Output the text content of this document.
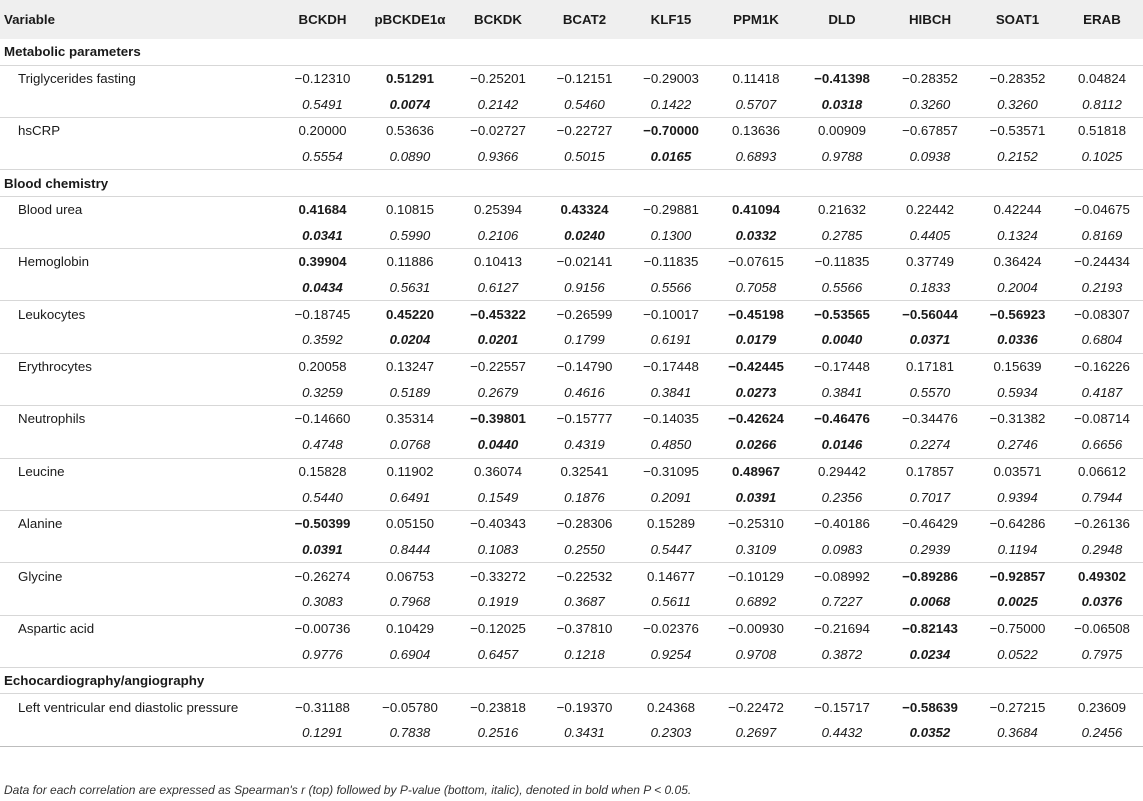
Variable	BCKDH	pBCKDE1α	BCKDK	BCAT2	KLF15	PPM1K	DLD	HIBCH	SOAT1	ERAB
Metabolic parameters										
Triglycerides fasting	−0.12310	0.51291	−0.25201	−0.12151	−0.29003	0.11418	−0.41398	−0.28352	−0.28352	0.04824
	0.5491	0.0074	0.2142	0.5460	0.1422	0.5707	0.0318	0.3260	0.3260	0.8112
hsCRP	0.20000	0.53636	−0.02727	−0.22727	−0.70000	0.13636	0.00909	−0.67857	−0.53571	0.51818
	0.5554	0.0890	0.9366	0.5015	0.0165	0.6893	0.9788	0.0938	0.2152	0.1025
Blood chemistry										
Blood urea	0.41684	0.10815	0.25394	0.43324	−0.29881	0.41094	0.21632	0.22442	0.42244	−0.04675
	0.0341	0.5990	0.2106	0.0240	0.1300	0.0332	0.2785	0.4405	0.1324	0.8169
Hemoglobin	0.39904	0.11886	0.10413	−0.02141	−0.11835	−0.07615	−0.11835	0.37749	0.36424	−0.24434
	0.0434	0.5631	0.6127	0.9156	0.5566	0.7058	0.5566	0.1833	0.2004	0.2193
Leukocytes	−0.18745	0.45220	−0.45322	−0.26599	−0.10017	−0.45198	−0.53565	−0.56044	−0.56923	−0.08307
	0.3592	0.0204	0.0201	0.1799	0.6191	0.0179	0.0040	0.0371	0.0336	0.6804
Erythrocytes	0.20058	0.13247	−0.22557	−0.14790	−0.17448	−0.42445	−0.17448	0.17181	0.15639	−0.16226
	0.3259	0.5189	0.2679	0.4616	0.3841	0.0273	0.3841	0.5570	0.5934	0.4187
Neutrophils	−0.14660	0.35314	−0.39801	−0.15777	−0.14035	−0.42624	−0.46476	−0.34476	−0.31382	−0.08714
	0.4748	0.0768	0.0440	0.4319	0.4850	0.0266	0.0146	0.2274	0.2746	0.6656
Leucine	0.15828	0.11902	0.36074	0.32541	−0.31095	0.48967	0.29442	0.17857	0.03571	0.06612
	0.5440	0.6491	0.1549	0.1876	0.2091	0.0391	0.2356	0.7017	0.9394	0.7944
Alanine	−0.50399	0.05150	−0.40343	−0.28306	0.15289	−0.25310	−0.40186	−0.46429	−0.64286	−0.26136
	0.0391	0.8444	0.1083	0.2550	0.5447	0.3109	0.0983	0.2939	0.1194	0.2948
Glycine	−0.26274	0.06753	−0.33272	−0.22532	0.14677	−0.10129	−0.08992	−0.89286	−0.92857	0.49302
	0.3083	0.7968	0.1919	0.3687	0.5611	0.6892	0.7227	0.0068	0.0025	0.0376
Aspartic acid	−0.00736	0.10429	−0.12025	−0.37810	−0.02376	−0.00930	−0.21694	−0.82143	−0.75000	−0.06508
	0.9776	0.6904	0.6457	0.1218	0.9254	0.9708	0.3872	0.0234	0.0522	0.7975
Echocardiography/angiography										
Left ventricular end diastolic pressure	−0.31188	−0.05780	−0.23818	−0.19370	0.24368	−0.22472	−0.15717	−0.58639	−0.27215	0.23609
	0.1291	0.7838	0.2516	0.3431	0.2303	0.2697	0.4432	0.0352	0.3684	0.2456
Data for each correlation are expressed as Spearman's r (top) followed by P-value (bottom, italic), denoted in bold when P < 0.05.
